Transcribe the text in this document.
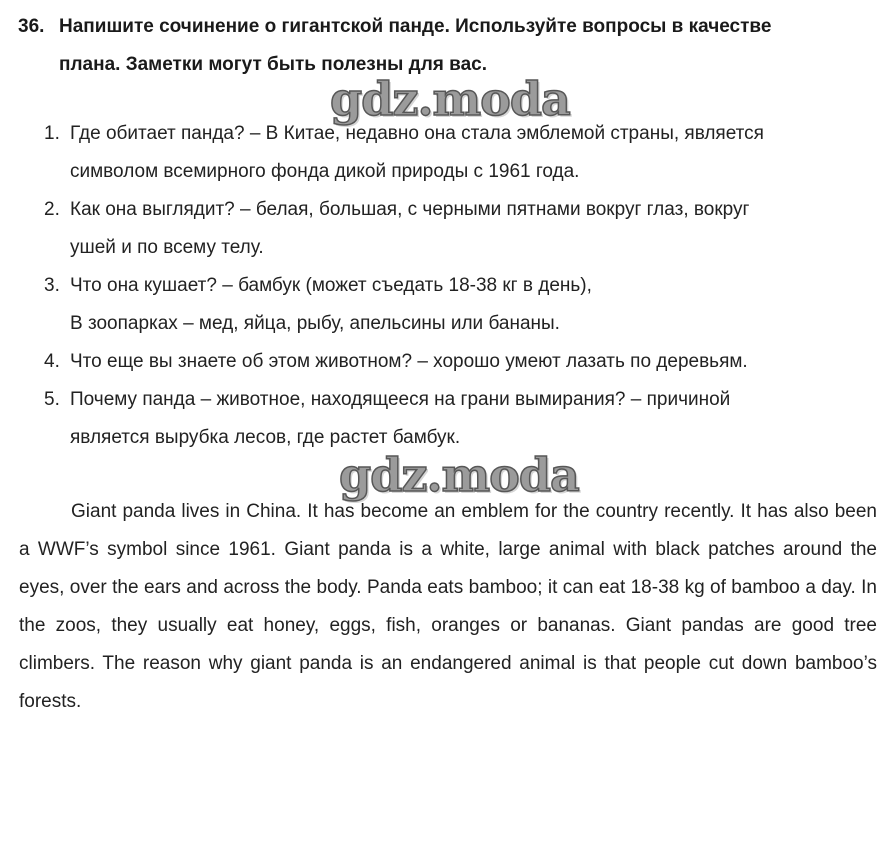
36. Напишите сочинение о гигантской панде. Используйте вопросы в качестве
плана. Заметки могут быть полезны для вас.
gdz.moda
1. Где обитает панда? – В Китае, недавно она стала эмблемой страны, является
символом всемирного фонда дикой природы с 1961 года.
2. Как она выглядит? – белая, большая, с черными пятнами вокруг глаз, вокруг
ушей и по всему телу.
3. Что она кушает? – бамбук (может съедать 18-38 кг в день),
В зоопарках – мед, яйца, рыбу, апельсины или бананы.
4. Что еще вы знаете об этом животном? – хорошо умеют лазать по деревьям.
5. Почему панда – животное, находящееся на грани вымирания? – причиной
является вырубка лесов, где растет бамбук.
gdz.moda

Giant panda lives in China. It has become an emblem for the country recently. It has also been a WWF’s symbol since 1961. Giant panda is a white, large animal with black patches around the eyes, over the ears and across the body. Panda eats bamboo; it can eat 18-38 kg of bamboo a day. In the zoos, they usually eat honey, eggs, fish, oranges or bananas. Giant pandas are good tree climbers. The reason why giant panda is an endangered animal is that people cut down bamboo’s forests.
